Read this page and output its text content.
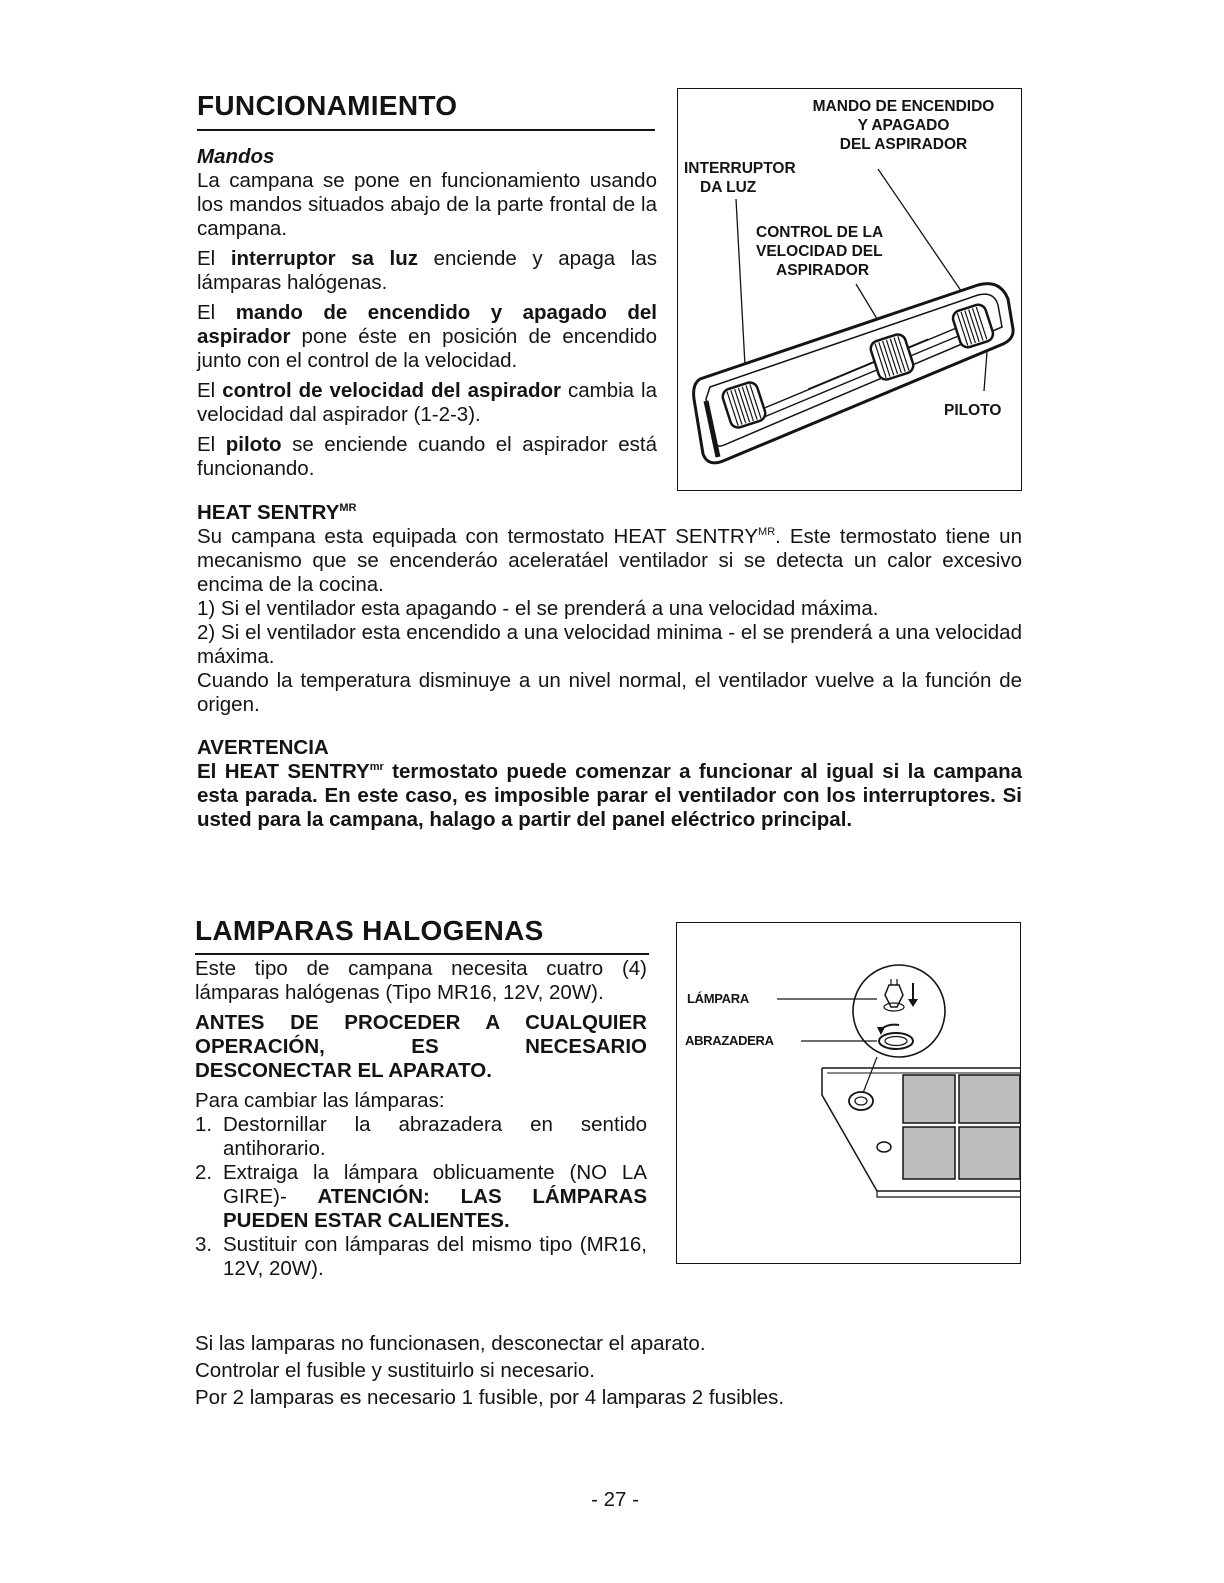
FUNCIONAMIENTO

Mandos

La campana se pone en funcionamiento usando los mandos situados abajo de la parte frontal de la campana.

El interruptor sa luz enciende y apaga las lámparas halógenas.

El mando de encendido y apagado del aspirador pone éste en posición de encendido junto con el control de la velocidad.

El control de velocidad del aspirador cambia la velocidad dal aspirador (1-2-3).

El piloto se enciende cuando el aspirador está funcionando.

MANDO DE ENCENDIDO
Y APAGADO
DEL ASPIRADOR
INTERRUPTOR
DA LUZ
CONTROL DE LA
VELOCIDAD DEL
ASPIRADOR
PILOTO

HEAT $SENTRY^{MR}$

Su campana esta equipada con termostato HEAT $SENTRY^{MR}$. Este termostato tiene un mecanismo que se encenderáo aceleratáel ventilador si se detecta un calor excesivo encima de la cocina.

1) Si el ventilador esta apagando - el se prenderá a una velocidad máxima.

2) Si el ventilador esta encendido a una velocidad minima - el se prenderá a una velocidad máxima.

Cuando la temperatura disminuye a un nivel normal, el ventilador vuelve a la función de origen.

AVERTENCIA

El HEAT $SENTRY^{mr}$ termostato puede comenzar a funcionar al igual si la campana esta parada. En este caso, es imposible parar el ventilador con los interruptores. Si usted para la campana, halago a partir del panel eléctrico principal.

LAMPARAS HALOGENAS

Este tipo de campana necesita cuatro (4) lámparas halógenas (Tipo MR16, 12V, 20W).

ANTES DE PROCEDER A CUALQUIER OPERACIÓN, ES NECESARIO DESCONECTAR EL APARATO.

Para cambiar las lámparas:

1. Destornillar la abrazadera en sentido antihorario.
2. Extraiga la lámpara oblicuamente (NO LA GIRE)- ATENCIÓN: LAS LÁMPARAS PUEDEN ESTAR CALIENTES.
3. Sustituir con lámparas del mismo tipo (MR16, 12V, 20W).
LÁMPARA
ABRAZADERA

Si las lamparas no funcionasen, desconectar el aparato.

Controlar el fusible y sustituirlo si necesario.

Por 2 lamparas es necesario 1 fusible, por 4 lamparas 2 fusibles.

- 27 -
